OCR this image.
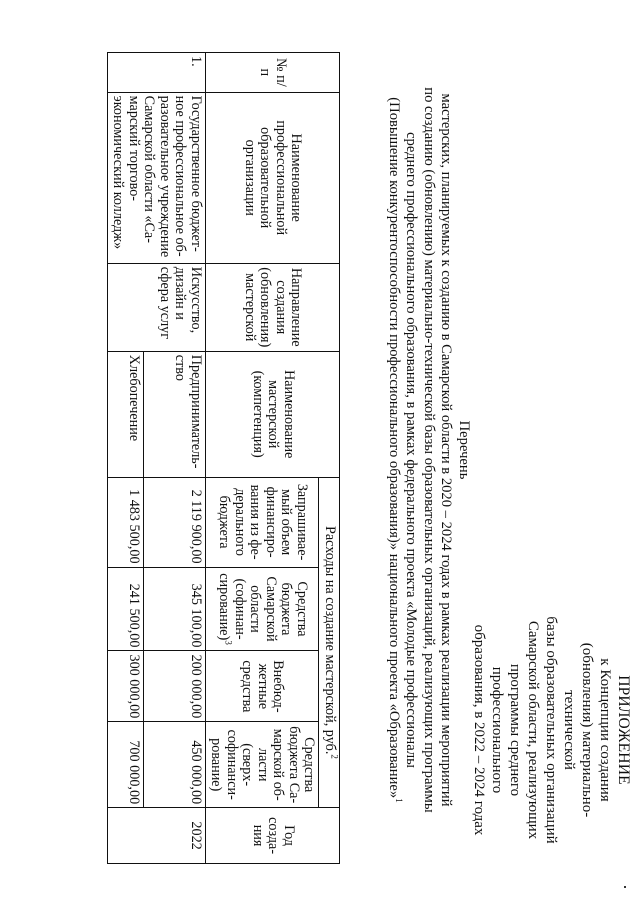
ПРИЛОЖЕНИЕ
к Концепции создания
(обновления) материально-технической
базы образовательных организаций
Самарской области, реализующих
программы среднего профессионального
образования, в 2022 – 2024 годах
Перечень
мастерских, планируемых к созданию в Самарской области в 2020 – 2024 годах в рамках реализации мероприятий
по созданию (обновлению) материально-технической базы образовательных организаций, реализующих программы
среднего профессионального образования, в рамках федерального проекта «Молодые профессионалы
(Повышение конкурентоспособности профессионального образования)» национального проекта «Образование»$^1$
№ п/п	Наименование профессиональной образовательной организации	Направление создания (обновления) мастерской	Наименование мастерской (компетенция)	Расходы на создание мастерской, руб.$^2$				Год созда-ния
				Запрашивае-мый объем финансиро-вания из фе-дерального бюджета	Средства бюджета Самарской области (софинан-сирование)$^3$	Внебюд-жетные средства	Средства бюджета Са-марской об-ласти (сверх-софинанси-рование)	
1.	Государственное бюджет-ное профессиональное об-разовательное учреждение Самарской области «Са-марский торгово-экономический колледж»	Искусство, дизайн и сфера услуг	Предприниматель-ство	2 119 900,00	345 100,00	200 000,00	450 000,00	2022
			Хлебопечение	1 483 500,00	241 500,00	300 000,00	700 000,00	
